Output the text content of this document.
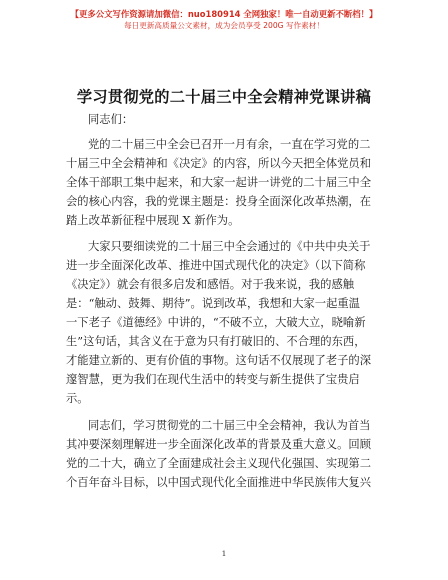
【更多公文写作资源请加微信：nuo180914 全网独家！唯一自动更新不断档！】
每日更新高质量公文素材，成为会员享受 200G 写作素材！
学习贯彻党的二十届三中全会精神党课讲稿
同志们：
党的二十届三中全会已召开一月有余，一直在学习党的二
十届三中全会精神和《决定》的内容，所以今天把全体党员和
全体干部职工集中起来，和大家一起讲一讲党的二十届三中全
会的核心内容，我的党课主题是：投身全面深化改革热潮，在
踏上改革新征程中展现 X 新作为。
大家只要细读党的二十届三中全会通过的《中共中央关于
进一步全面深化改革、推进中国式现代化的决定》（以下简称
《决定》）就会有很多启发和感悟。对于我来说，我的感触
是：“触动、鼓舞、期待”。说到改革，我想和大家一起重温
一下老子《道德经》中讲的，“不破不立，大破大立，晓喻新
生”这句话，其含义在于意为只有打破旧的、不合理的东西，
才能建立新的、更有价值的事物。这句话不仅展现了老子的深
邃智慧，更为我们在现代生活中的转变与新生提供了宝贵启
示。
同志们，学习贯彻党的二十届三中全会精神，我认为首当
其冲要深刻理解进一步全面深化改革的背景及重大意义。回顾
党的二十大，确立了全面建成社会主义现代化强国、实现第二
个百年奋斗目标，以中国式现代化全面推进中华民族伟大复兴
1
